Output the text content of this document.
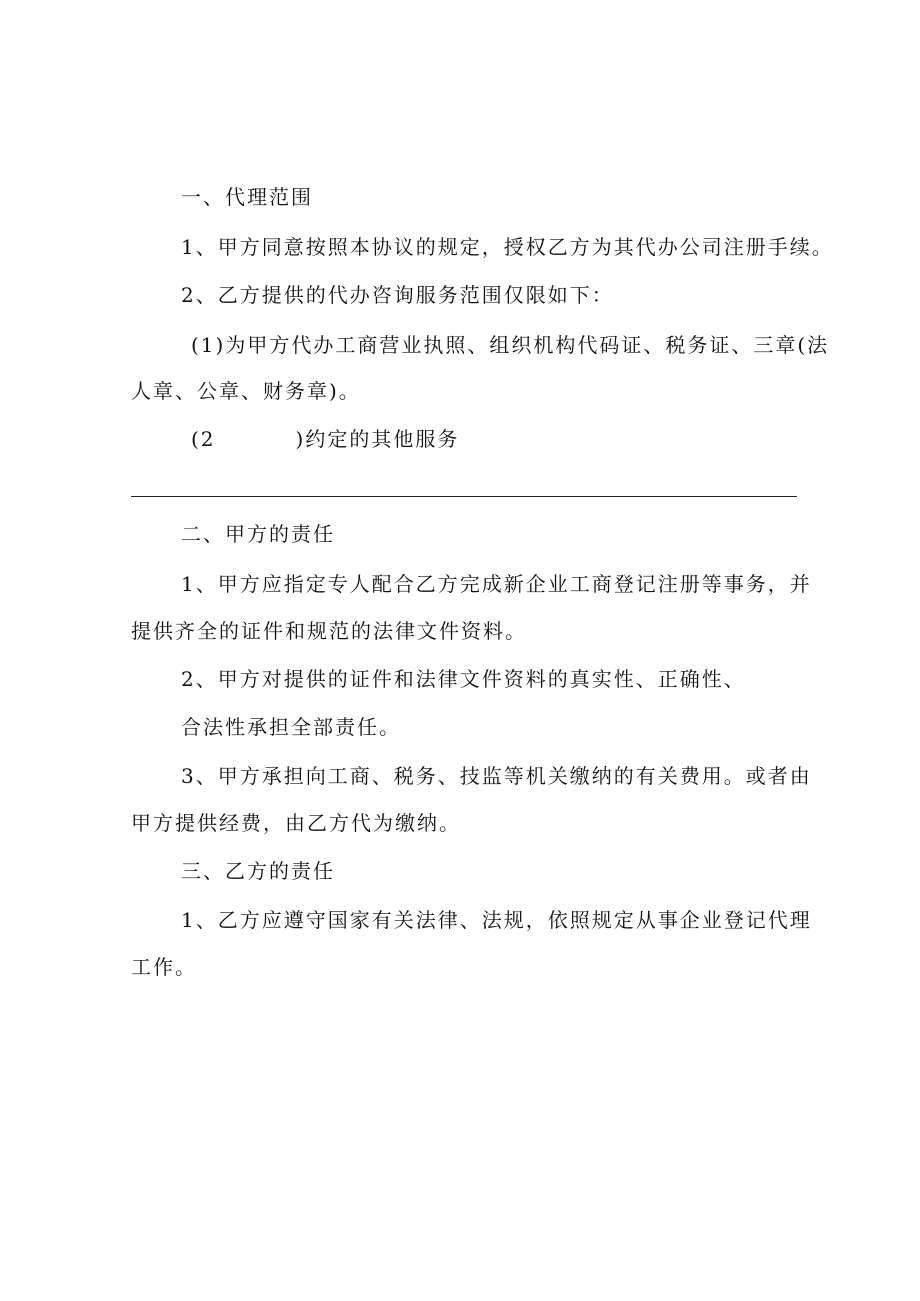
一、代理范围
1、甲方同意按照本协议的规定，授权乙方为其代办公司注册手续。
2、乙方提供的代办咨询服务范围仅限如下：
(1)为甲方代办工商营业执照、组织机构代码证、税务证、三章(法
人章、公章、财务章)。
(2	)约定的其他服务
二、甲方的责任
1、甲方应指定专人配合乙方完成新企业工商登记注册等事务，并
提供齐全的证件和规范的法律文件资料。
2、甲方对提供的证件和法律文件资料的真实性、正确性、
合法性承担全部责任。
3、甲方承担向工商、税务、技监等机关缴纳的有关费用。或者由
甲方提供经费，由乙方代为缴纳。
三、乙方的责任
1、乙方应遵守国家有关法律、法规，依照规定从事企业登记代理
工作。
